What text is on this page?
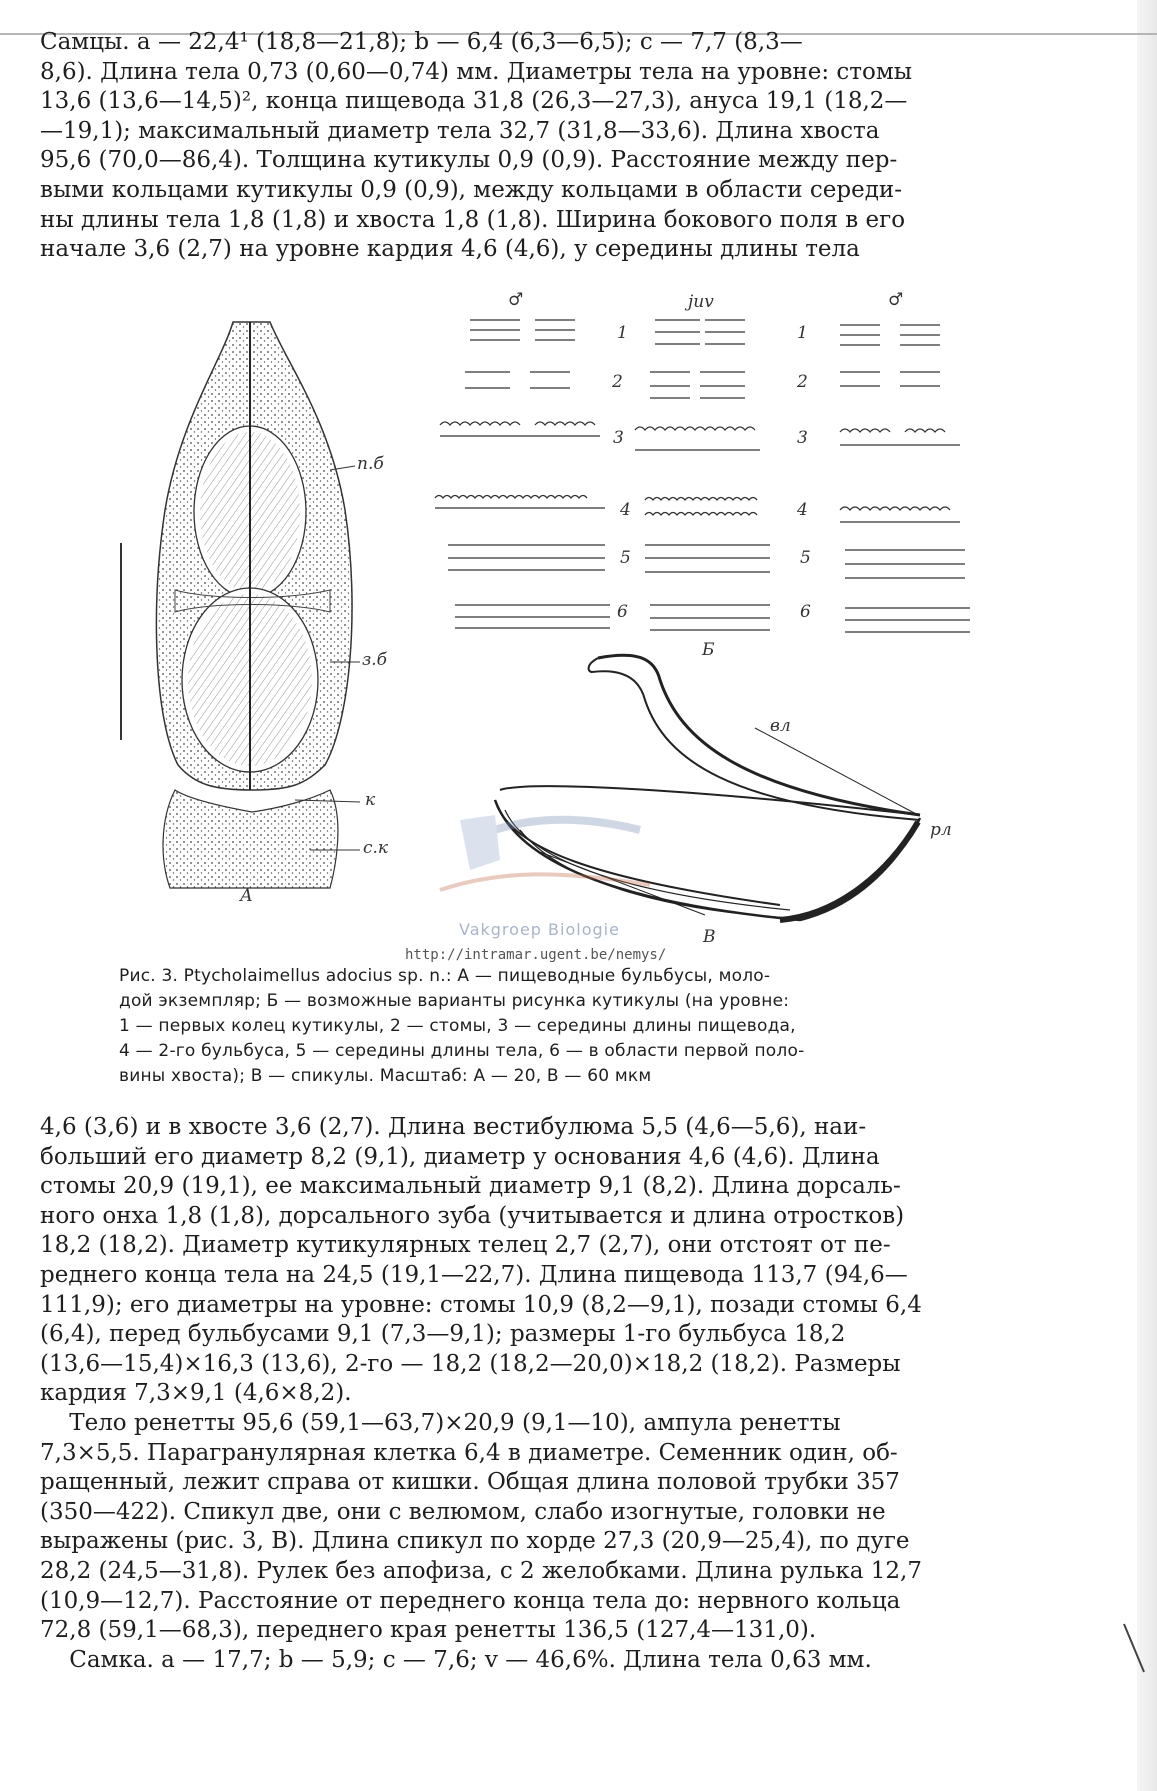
Самцы. a — 22,4¹ (18,8—21,8); b — 6,4 (6,3—6,5); c — 7,7 (8,3—
8,6). Длина тела 0,73 (0,60—0,74) мм. Диаметры тела на уровне: стомы
13,6 (13,6—14,5)², конца пищевода 31,8 (26,3—27,3), ануса 19,1 (18,2—
—19,1); максимальный диаметр тела 32,7 (31,8—33,6). Длина хвоста
95,6 (70,0—86,4). Толщина кутикулы 0,9 (0,9). Расстояние между пер-
выми кольцами кутикулы 0,9 (0,9), между кольцами в области середи-
ны длины тела 1,8 (1,8) и хвоста 1,8 (1,8). Ширина бокового поля в его
начале 3,6 (2,7) на уровне кардия 4,6 (4,6), у середины длины тела
п.б
з.б
к
с.к
А
Б
В
вл
рл
♂	juv	♂
1
2
3
4
5
6
1
2
3
4
5
6
Vakgroep Biologie
http://intramar.ugent.be/nemys/
Рис. 3. Ptycholaimellus adocius sp. n.: А — пищеводные бульбусы, моло-
дой экземпляр; Б — возможные варианты рисунка кутикулы (на уровне:
1 — первых колец кутикулы, 2 — стомы, 3 — середины длины пищевода,
4 — 2-го бульбуса, 5 — середины длины тела, 6 — в области первой поло-
вины хвоста); В — спикулы. Масштаб: А — 20, В — 60 мкм
4,6 (3,6) и в хвосте 3,6 (2,7). Длина вестибулюма 5,5 (4,6—5,6), наи-
больший его диаметр 8,2 (9,1), диаметр у основания 4,6 (4,6). Длина
стомы 20,9 (19,1), ее максимальный диаметр 9,1 (8,2). Длина дорсаль-
ного онха 1,8 (1,8), дорсального зуба (учитывается и длина отростков)
18,2 (18,2). Диаметр кутикулярных телец 2,7 (2,7), они отстоят от пе-
реднего конца тела на 24,5 (19,1—22,7). Длина пищевода 113,7 (94,6—
111,9); его диаметры на уровне: стомы 10,9 (8,2—9,1), позади стомы 6,4
(6,4), перед бульбусами 9,1 (7,3—9,1); размеры 1-го бульбуса 18,2
(13,6—15,4)×16,3 (13,6), 2-го — 18,2 (18,2—20,0)×18,2 (18,2). Размеры
кардия 7,3×9,1 (4,6×8,2).
Тело ренетты 95,6 (59,1—63,7)×20,9 (9,1—10), ампула ренетты
7,3×5,5. Парагранулярная клетка 6,4 в диаметре. Семенник один, об-
ращенный, лежит справа от кишки. Общая длина половой трубки 357
(350—422). Спикул две, они с велюмом, слабо изогнутые, головки не
выражены (рис. 3, В). Длина спикул по хорде 27,3 (20,9—25,4), по дуге
28,2 (24,5—31,8). Рулек без апофиза, с 2 желобками. Длина рулька 12,7
(10,9—12,7). Расстояние от переднего конца тела до: нервного кольца
72,8 (59,1—68,3), переднего края ренетты 136,5 (127,4—131,0).
Самка. a — 17,7; b — 5,9; c — 7,6; v — 46,6%. Длина тела 0,63 мм.
